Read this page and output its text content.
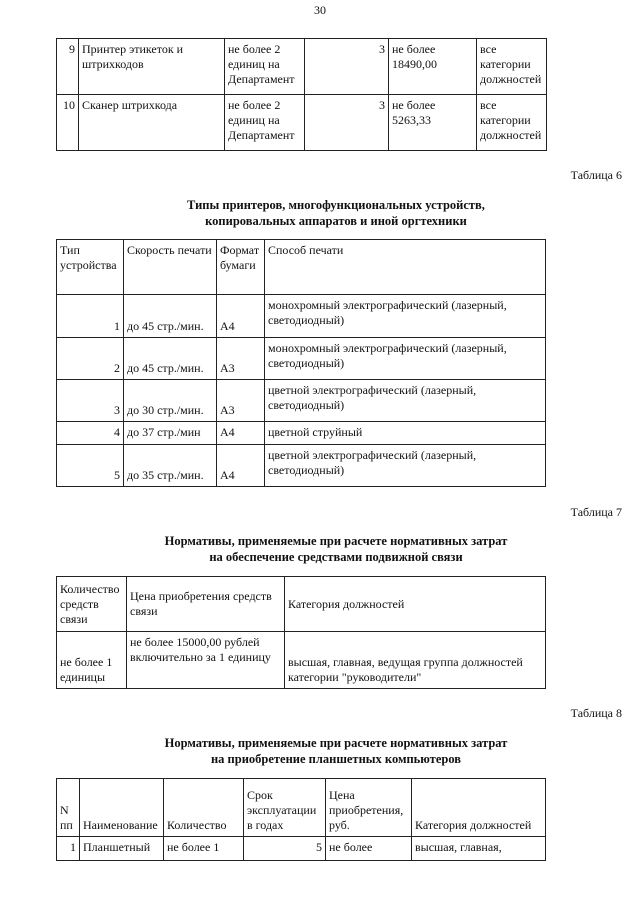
30
9	Принтер этикеток и штрихкодов	не более 2 единиц на Департамент	3	не более 18490,00	все категории должностей
10	Сканер штрихкода	не более 2 единиц на Департамент	3	не более 5263,33	все категории должностей
Таблица 6
Типы принтеров, многофункциональных устройств,
копировальных аппаратов и иной оргтехники
Тип устройства	Скорость печати	Формат бумаги	Способ печати
1	до 45 стр./мин.	А4	монохромный электрографический (лазерный, светодиодный)
2	до 45 стр./мин.	А3	монохромный электрографический (лазерный, светодиодный)
3	до 30 стр./мин.	А3	цветной электрографический (лазерный, светодиодный)
4	до 37 стр./мин	А4	цветной струйный
5	до 35 стр./мин.	А4	цветной электрографический (лазерный, светодиодный)
Таблица 7
Нормативы, применяемые при расчете нормативных затрат
на обеспечение средствами подвижной связи
Количество средств связи	Цена приобретения средств связи	Категория должностей
не более 1 единицы	не более 15000,00 рублей включительно за 1 единицу	высшая, главная, ведущая группа должностей категории "руководители"
Таблица 8
Нормативы, применяемые при расчете нормативных затрат
на приобретение планшетных компьютеров
N пп	Наименование	Количество	Срок эксплуатации в годах	Цена приобретения, руб.	Категория должностей
1	Планшетный	не более 1	5	не более	высшая, главная,
